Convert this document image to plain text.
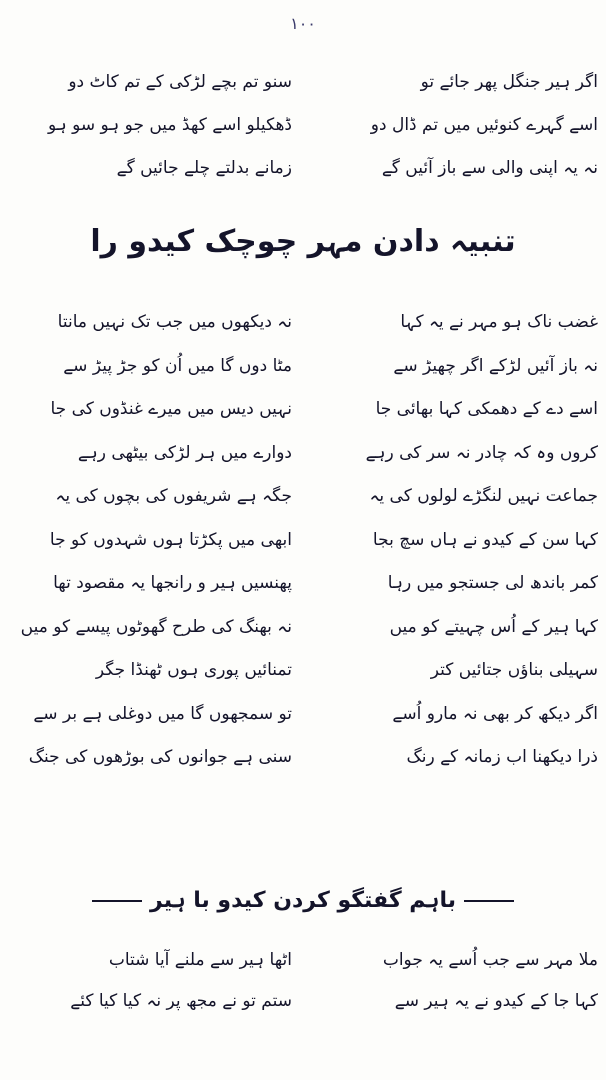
۱۰۰
اگر ہیر جنگل پھر جائے تو
سنو تم بچے لڑکی کے تم کاٹ دو
اسے گہرے کنوئیں میں تم ڈال دو
ڈھکیلو اسے کھڈ میں جو ہو سو ہو
نہ یہ اپنی والی سے باز آئیں گے
زمانے بدلتے چلے جائیں گے
تنبیہ دادن مہر چوچک کیدو را
غضب ناک ہو مہر نے یہ کہا
نہ دیکھوں میں جب تک نہیں مانتا
نہ باز آئیں لڑکے اگر چھیڑ سے
مٹا دوں گا میں اُن کو جڑ پیڑ سے
اسے دے کے دھمکی کہا بھائی جا
نہیں دیس میں میرے غنڈوں کی جا
کروں وہ کہ چادر نہ سر کی رہے
دوارے میں ہر لڑکی بیٹھی رہے
جماعت نہیں لنگڑے لولوں کی یہ
جگہ ہے شریفوں کی بچوں کی یہ
کہا سن کے کیدو نے ہاں سچ بجا
ابھی میں پکڑتا ہوں شہدوں کو جا
کمر باندھ لی جستجو میں رہا
پھنسیں ہیر و رانجھا یہ مقصود تھا
کہا ہیر کے اُس چہیتے کو میں
نہ بھنگ کی طرح گھوٹوں پیسے کو میں
سہیلی بناؤں جتائیں کتر
تمنائیں پوری ہوں ٹھنڈا جگر
اگر دیکھ کر بھی نہ مارو اُسے
تو سمجھوں گا میں دوغلی ہے بر سے
ذرا دیکھنا اب زمانہ کے رنگ
سنی ہے جوانوں کی بوڑھوں کی جنگ
باہم گفتگو کردن کیدو با ہیر
ملا مہر سے جب اُسے یہ جواب
اٹھا ہیر سے ملنے آیا شتاب
کہا جا کے کیدو نے یہ ہیر سے
ستم تو نے مجھ پر نہ کیا کیا کئے
